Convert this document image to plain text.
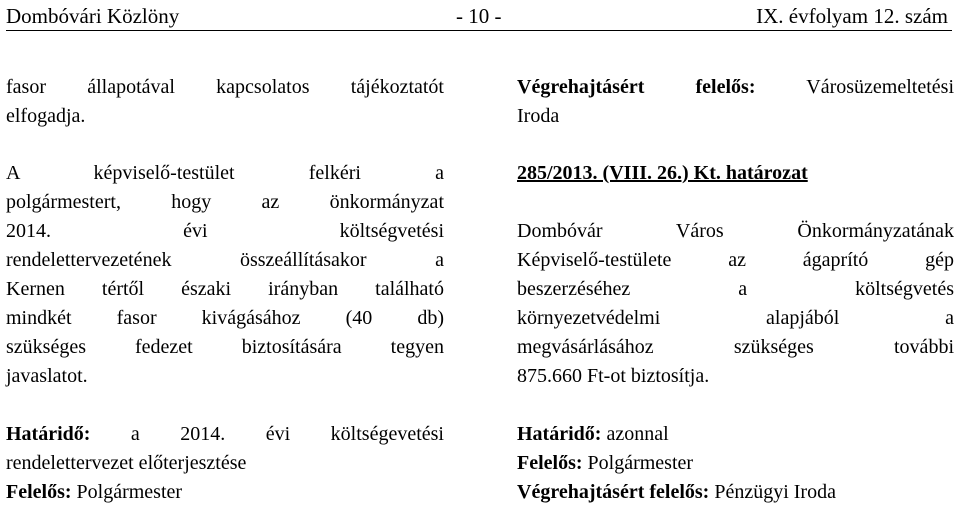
Dombóvári Közlöny	- 10 -	IX. évfolyam 12. szám
fasor állapotával kapcsolatos tájékoztatót
elfogadja.
A képviselő-testület felkéri a
polgármestert, hogy az önkormányzat
2014. évi költségvetési
rendelettervezetének összeállításakor a
Kernen tértől északi irányban található
mindkét fasor kivágásához (40 db)
szükséges fedezet biztosítására tegyen
javaslatot.
Határidő: a 2014. évi költségevetési
rendelettervezet előterjesztése
Felelős: Polgármester
Végrehajtásért felelős: Városüzemeltetési
Iroda
285/2013. (VIII. 26.) Kt. határozat
Dombóvár Város Önkormányzatának
Képviselő-testülete az ágaprító gép
beszerzéséhez a költségvetés
környezetvédelmi alapjából a
megvásárlásához szükséges további
875.660 Ft-ot biztosítja.
Határidő: azonnal
Felelős: Polgármester
Végrehajtásért felelős: Pénzügyi Iroda
